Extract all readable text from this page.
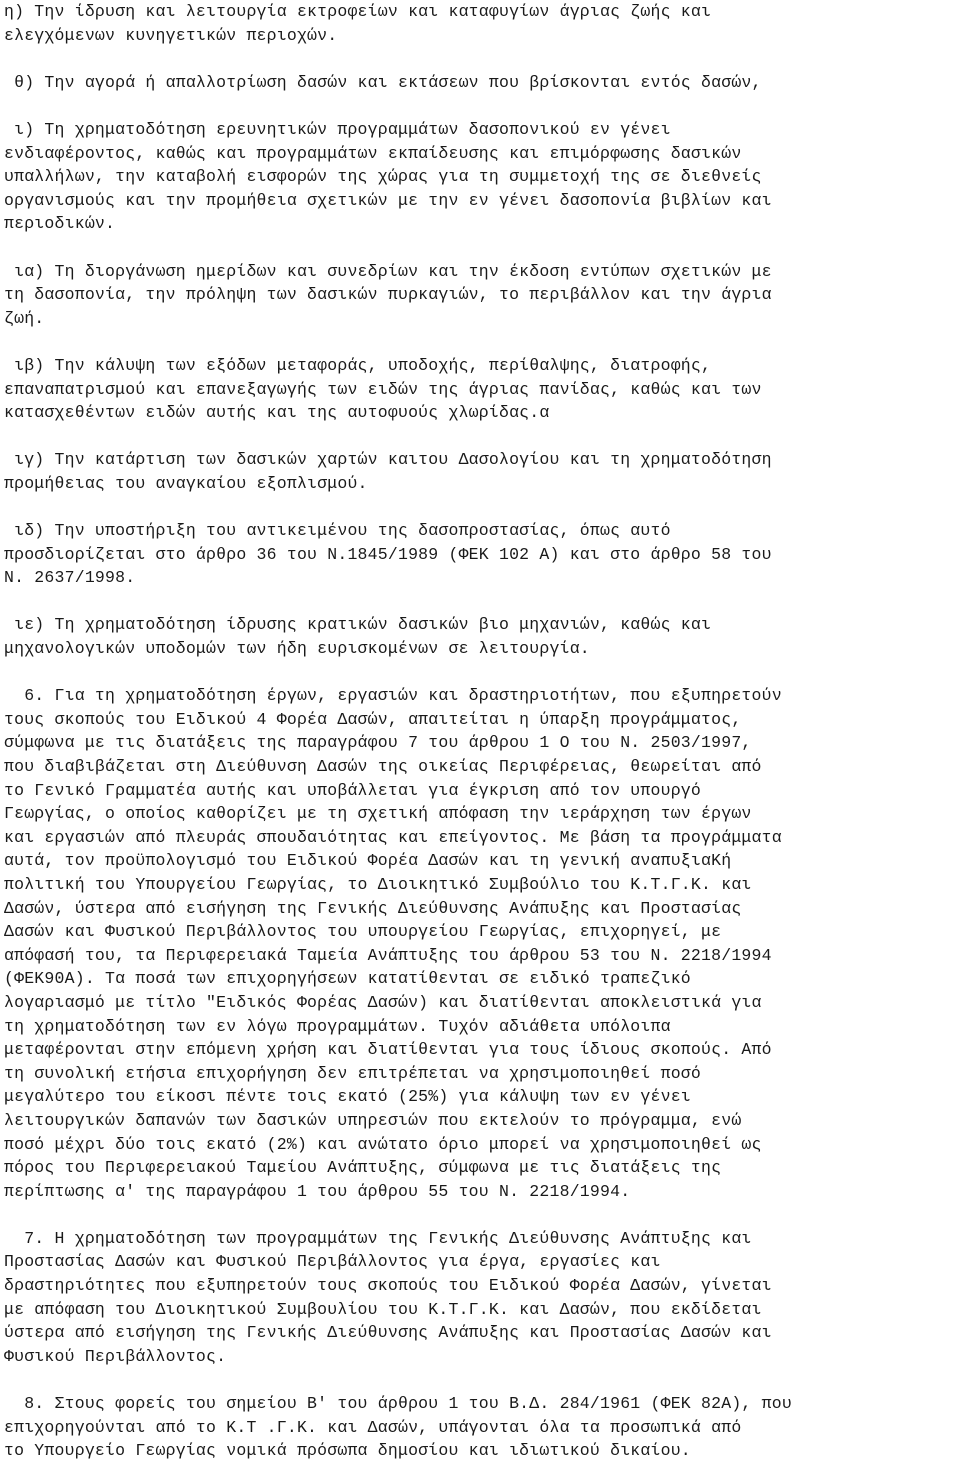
η) Την ίδρυση και λειτουργία εκτροφείων και καταφυγίων άγριας ζωής και
ελεγχόμενων κυνηγετικών περιοχών.
θ) Την αγορά ή απαλλοτρίωση δασών και εκτάσεων που βρίσκονται εντός δασών,
ι) Τη χρηματοδότηση ερευνητικών προγραμμάτων δασοπονικού εν γένει
ενδιαφέροντος, καθώς και προγραμμάτων εκπαίδευσης και επιμόρφωσης δασικών
υπαλλήλων, την καταβολή εισφορών της χώρας για τη συμμετοχή της σε διεθνείς
οργανισμούς και την προμήθεια σχετικών με την εν γένει δασοπονία βιβλίων και
περιοδικών.
ια) Τη διοργάνωση ημερίδων και συνεδρίων και την έκδοση εντύπων σχετικών με
τη δασοπονία, την πρόληψη των δασικών πυρκαγιών, το περιβάλλον και την άγρια
ζωή.
ιβ) Την κάλυψη των εξόδων μεταφοράς, υποδοχής, περίθαλψης, διατροφής,
επαναπατρισμού και επανεξαγωγής των ειδών της άγριας πανίδας, καθώς και των
κατασχεθέντων ειδών αυτής και της αυτοφυούς χλωρίδας.α
ιγ) Την κατάρτιση των δασικών χαρτών καιτου Δασολογίου και τη χρηματοδότηση
προμήθειας του αναγκαίου εξοπλισμού.
ιδ) Την υποστήριξη του αντικειμένου της δασοπροστασίας, όπως αυτό
προσδιορίζεται στο άρθρο 36 του Ν.1845/1989 (ΦΕΚ 102 Α) και στο άρθρο 58 του
Ν. 2637/1998.
ιε) Τη χρηματοδότηση ίδρυσης κρατικών δασικών βιο μηχανιών, καθώς και
μηχανολογικών υποδομών των ήδη ευρισκομένων σε λειτουργία.
6. Για τη χρηματοδότηση έργων, εργασιών και δραστηριοτήτων, που εξυπηρετούν
τους σκοπούς του Ειδικού 4 Φορέα Δασών, απαιτείται η ύπαρξη προγράμματος,
σύμφωνα με τις διατάξεις της παραγράφου 7 του άρθρου 1 Ο του Ν. 2503/1997,
που διαβιβάζεται στη Διεύθυνση Δασών της οικείας Περιφέρειας, θεωρείται από
το Γενικό Γραμματέα αυτής και υποβάλλεται για έγκριση από τον υπουργό
Γεωργίας, ο οποίος καθορίζει με τη σχετική απόφαση την ιεράρχηση των έργων
και εργασιών από πλευράς σπουδαιότητας και επείγοντος. Με βάση τα προγράμματα
αυτά, τον προϋπολογισμό του Ειδικού Φορέα Δασών και τη γενική αναπυξιαΚή
πολιτική του Υπουργείου Γεωργίας, το Διοικητικό Συμβούλιο του Κ.Τ.Γ.Κ. και
Δασών, ύστερα από εισήγηση της Γενικής Διεύθυνσης Ανάπυξης και Προστασίας
Δασών και Φυσικού Περιβάλλοντος του υπουργείου Γεωργίας, επιχορηγεί, με
απόφασή του, τα Περιφερειακά Ταμεία Ανάπτυξης του άρθρου 53 του Ν. 2218/1994
(ΦΕΚ90Α). Τα ποσά των επιχορηγήσεων κατατίθενται σε ειδικό τραπεζικό
λογαριασμό με τίτλο "Ειδικός Φορέας Δασών) και διατίθενται αποκλειστικά για
τη χρηματοδότηση των εν λόγω προγραμμάτων. Τυχόν αδιάθετα υπόλοιπα
μεταφέρονται στην επόμενη χρήση και διατίθενται για τους ίδιους σκοπούς. Από
τη συνολική ετήσια επιχορήγηση δεν επιτρέπεται να χρησιμοποιηθεί ποσό
μεγαλύτερο του είκοσι πέντε τοις εκατό (25%) για κάλυψη των εν γένει
λειτουργικών δαπανών των δασικών υπηρεσιών που εκτελούν το πρόγραμμα, ενώ
ποσό μέχρι δύο τοις εκατό (2%) και ανώτατο όριο μπορεί να χρησιμοποιηθεί ως
πόρος του Περιφερειακού Ταμείου Ανάπτυξης, σύμφωνα με τις διατάξεις της
περίπτωσης α' της παραγράφου 1 του άρθρου 55 του Ν. 2218/1994.
7. Η χρηματοδότηση των προγραμμάτων της Γενικής Διεύθυνσης Ανάπτυξης και
Προστασίας Δασών και Φυσικού Περιβάλλοντος για έργα, εργασίες και
δραστηριότητες που εξυπηρετούν τους σκοπούς του Ειδικού Φορέα Δασών, γίνεται
με απόφαση του Διοικητικού Συμβουλίου του Κ.Τ.Γ.Κ. και Δασών, που εκδίδεται
ύστερα από εισήγηση της Γενικής Διεύθυνσης Ανάπυξης και Προστασίας Δασών και
Φυσικού Περιβάλλοντος.
8. Στους φορείς του σημείου Β' του άρθρου 1 του Β.Δ. 284/1961 (ΦΕΚ 82Α), που
επιχορηγούνται από το Κ.Τ .Γ.Κ. και Δασών, υπάγονται όλα τα προσωπικά από
το Υπουργείο Γεωργίας νομικά πρόσωπα δημοσίου και ιδιωτικού δικαίου.
